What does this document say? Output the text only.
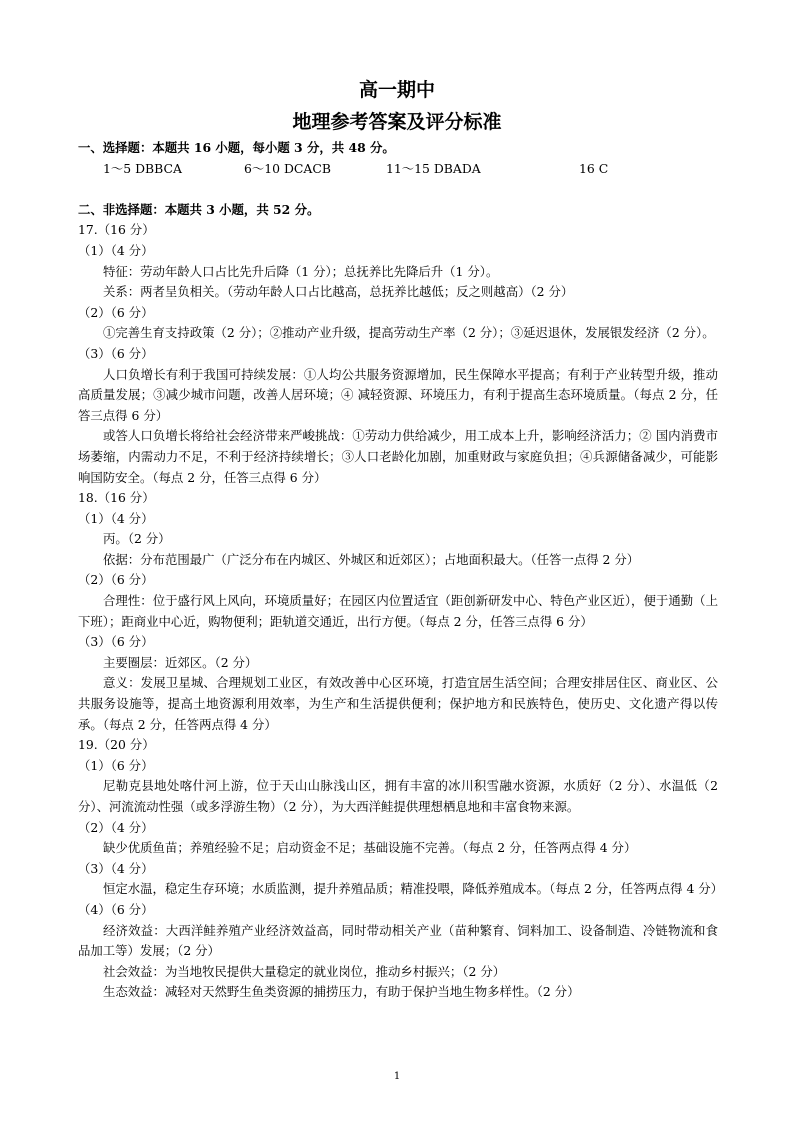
高一期中
地理参考答案及评分标准
一、选择题：本题共 16 小题，每小题 3 分，共 48 分。
1～5 DBBCA	6～10 DCACB	11～15 DBADA	16 C
二、非选择题：本题共 3 小题，共 52 分。
17.（16 分）
（1）（4 分）
特征：劳动年龄人口占比先升后降（1 分）；总抚养比先降后升（1 分）。
关系：两者呈负相关。（劳动年龄人口占比越高，总抚养比越低；反之则越高）（2 分）
（2）（6 分）
①完善生育支持政策（2 分）；②推动产业升级，提高劳动生产率（2 分）；③延迟退休，发展银发经济（2 分）。
（3）（6 分）
人口负增长有利于我国可持续发展：①人均公共服务资源增加，民生保障水平提高；有利于产业转型升级，推动高质量发展；③减少城市问题，改善人居环境；④ 减轻资源、环境压力，有利于提高生态环境质量。（每点 2 分，任答三点得 6 分）
或答人口负增长将给社会经济带来严峻挑战：①劳动力供给减少，用工成本上升，影响经济活力；② 国内消费市场萎缩，内需动力不足，不利于经济持续增长；③人口老龄化加剧，加重财政与家庭负担；④兵源储备减少，可能影响国防安全。（每点 2 分，任答三点得 6 分）
18.（16 分）
（1）（4 分）
丙。（2 分）
依据：分布范围最广（广泛分布在内城区、外城区和近郊区）；占地面积最大。（任答一点得 2 分）
（2）（6 分）
合理性：位于盛行风上风向，环境质量好；在园区内位置适宜（距创新研发中心、特色产业区近），便于通勤（上下班）；距商业中心近，购物便利；距轨道交通近，出行方便。（每点 2 分，任答三点得 6 分）
（3）（6 分）
主要圈层：近郊区。（2 分）
意义：发展卫星城、合理规划工业区，有效改善中心区环境，打造宜居生活空间；合理安排居住区、商业区、公共服务设施等，提高土地资源利用效率，为生产和生活提供便利；保护地方和民族特色，使历史、文化遗产得以传承。（每点 2 分，任答两点得 4 分）
19.（20 分）
（1）（6 分）
尼勒克县地处喀什河上游，位于天山山脉浅山区，拥有丰富的冰川积雪融水资源，水质好（2 分）、水温低（2 分）、河流流动性强（或多浮游生物）（2 分），为大西洋鲑提供理想栖息地和丰富食物来源。
（2）（4 分）
缺少优质鱼苗；养殖经验不足；启动资金不足；基础设施不完善。（每点 2 分，任答两点得 4 分）
（3）（4 分）
恒定水温，稳定生存环境；水质监测，提升养殖品质；精准投喂，降低养殖成本。（每点 2 分，任答两点得 4 分）
（4）（6 分）
经济效益：大西洋鲑养殖产业经济效益高，同时带动相关产业（苗种繁育、饲料加工、设备制造、冷链物流和食品加工等）发展；（2 分）
社会效益：为当地牧民提供大量稳定的就业岗位，推动乡村振兴；（2 分）
生态效益：减轻对天然野生鱼类资源的捕捞压力，有助于保护当地生物多样性。（2 分）
1
